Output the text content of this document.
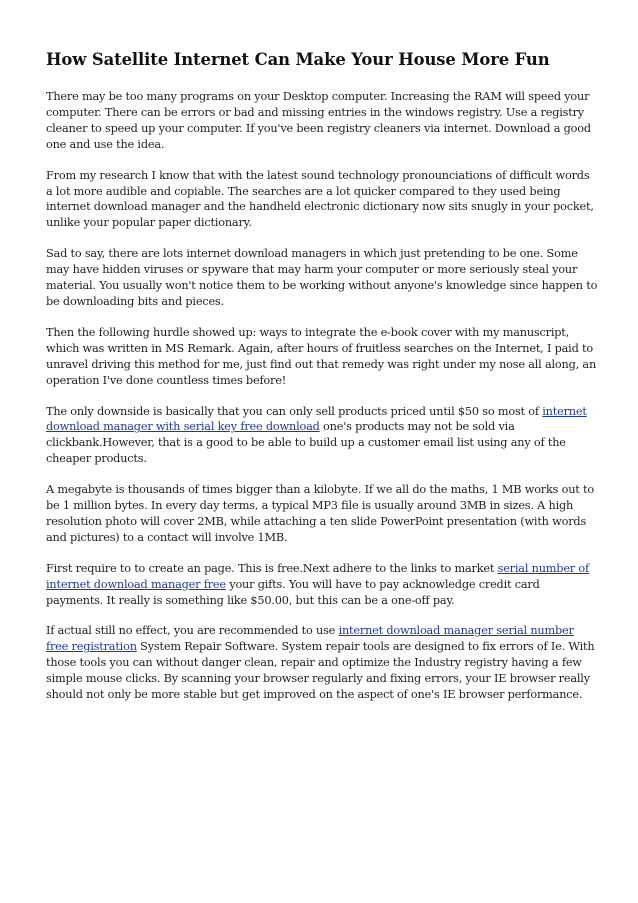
How Satellite Internet Can Make Your House More Fun

There may be too many programs on your Desktop computer. Increasing the RAM will speed your computer. There can be errors or bad and missing entries in the windows registry. Use a registry cleaner to speed up your computer. If you've been registry cleaners via internet. Download a good one and use the idea.

From my research I know that with the latest sound technology pronounciations of difficult words a lot more audible and copiable. The searches are a lot quicker compared to they used being internet download manager and the handheld electronic dictionary now sits snugly in your pocket, unlike your popular paper dictionary.

Sad to say, there are lots internet download managers in which just pretending to be one. Some may have hidden viruses or spyware that may harm your computer or more seriously steal your material. You usually won't notice them to be working without anyone's knowledge since happen to be downloading bits and pieces.

Then the following hurdle showed up: ways to integrate the e-book cover with my manuscript, which was written in MS Remark. Again, after hours of fruitless searches on the Internet, I paid to unravel driving this method for me, just find out that remedy was right under my nose all along, an operation I've done countless times before!

The only downside is basically that you can only sell products priced until $50 so most of internet download manager with serial key free download one's products may not be sold via clickbank.However, that is a good to be able to build up a customer email list using any of the cheaper products.

A megabyte is thousands of times bigger than a kilobyte. If we all do the maths, 1 MB works out to be 1 million bytes. In every day terms, a typical MP3 file is usually around 3MB in sizes. A high resolution photo will cover 2MB, while attaching a ten slide PowerPoint presentation (with words and pictures) to a contact will involve 1MB.

First require to to create an page. This is free.Next adhere to the links to market serial number of internet download manager free your gifts. You will have to pay acknowledge credit card payments. It really is something like $50.00, but this can be a one-off pay.

If actual still no effect, you are recommended to use internet download manager serial number free registration System Repair Software. System repair tools are designed to fix errors of Ie. With those tools you can without danger clean, repair and optimize the Industry registry having a few simple mouse clicks. By scanning your browser regularly and fixing errors, your IE browser really should not only be more stable but get improved on the aspect of one's IE browser performance.
